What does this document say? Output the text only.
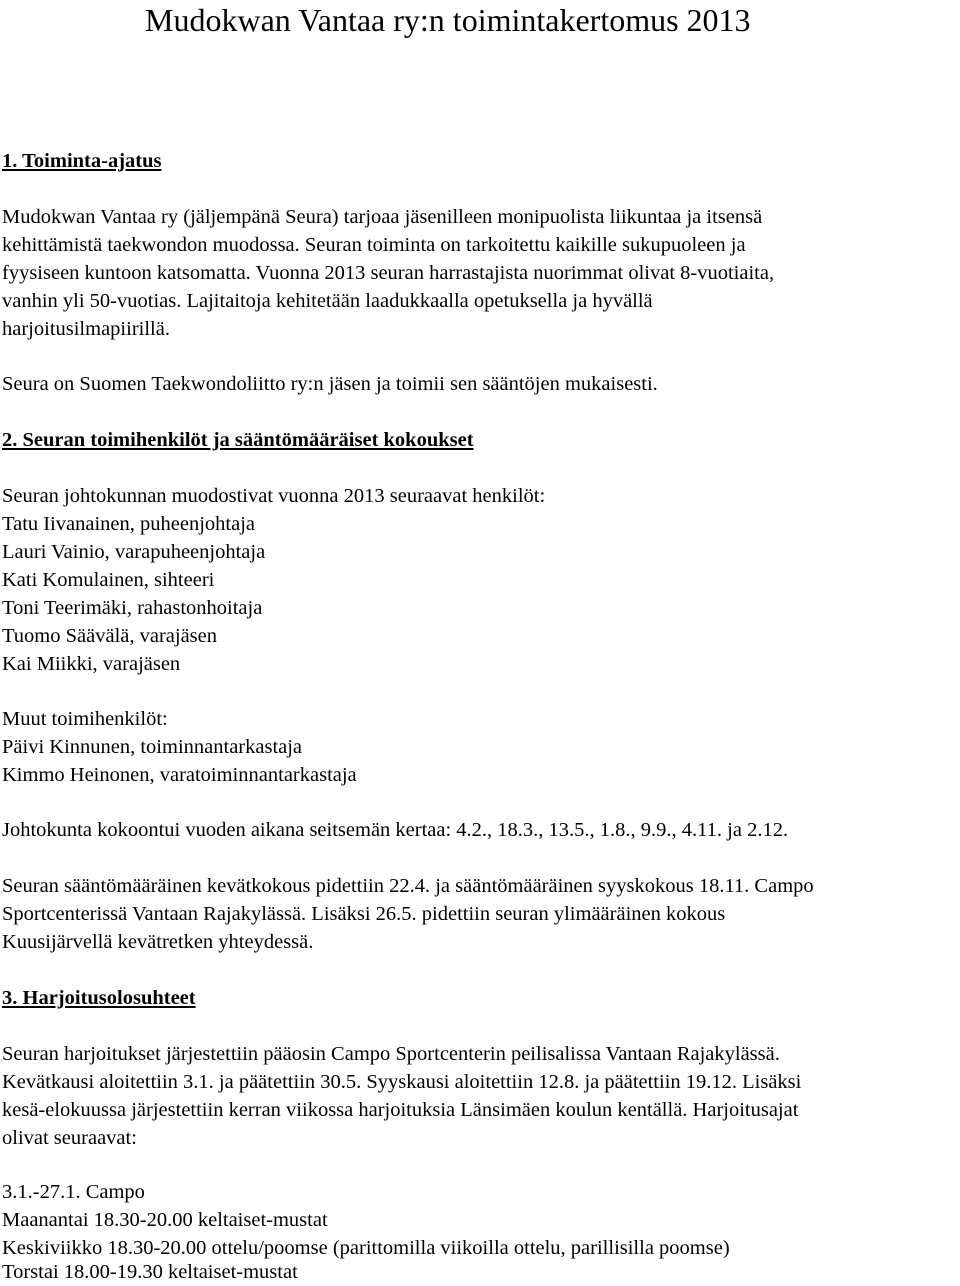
Mudokwan Vantaa ry:n toimintakertomus 2013
1. Toiminta-ajatus

Mudokwan Vantaa ry (jäljempänä Seura) tarjoaa jäsenilleen monipuolista liikuntaa ja itsensä

kehittämistä taekwondon muodossa. Seuran toiminta on tarkoitettu kaikille sukupuoleen ja

fyysiseen kuntoon katsomatta. Vuonna 2013 seuran harrastajista nuorimmat olivat 8-vuotiaita,

vanhin yli 50-vuotias. Lajitaitoja kehitetään laadukkaalla opetuksella ja hyvällä

harjoitusilmapiirillä.

Seura on Suomen Taekwondoliitto ry:n jäsen ja toimii sen sääntöjen mukaisesti.

2. Seuran toimihenkilöt ja sääntömääräiset kokoukset

Seuran johtokunnan muodostivat vuonna 2013 seuraavat henkilöt:

Tatu Iivanainen, puheenjohtaja

Lauri Vainio, varapuheenjohtaja

Kati Komulainen, sihteeri

Toni Teerimäki, rahastonhoitaja

Tuomo Säävälä, varajäsen

Kai Miikki, varajäsen

Muut toimihenkilöt:

Päivi Kinnunen, toiminnantarkastaja

Kimmo Heinonen, varatoiminnantarkastaja

Johtokunta kokoontui vuoden aikana seitsemän kertaa: 4.2., 18.3., 13.5., 1.8., 9.9., 4.11. ja 2.12.

Seuran sääntömääräinen kevätkokous pidettiin 22.4. ja sääntömääräinen syyskokous 18.11. Campo

Sportcenterissä Vantaan Rajakylässä. Lisäksi 26.5. pidettiin seuran ylimääräinen kokous

Kuusijärvellä kevätretken yhteydessä.

3. Harjoitusolosuhteet

Seuran harjoitukset järjestettiin pääosin Campo Sportcenterin peilisalissa Vantaan Rajakylässä.

Kevätkausi aloitettiin 3.1. ja päätettiin 30.5. Syyskausi aloitettiin 12.8. ja päätettiin 19.12. Lisäksi

kesä-elokuussa järjestettiin kerran viikossa harjoituksia Länsimäen koulun kentällä. Harjoitusajat

olivat seuraavat:

3.1.-27.1. Campo

Maanantai 18.30-20.00 keltaiset-mustat

Keskiviikko 18.30-20.00 ottelu/poomse (parittomilla viikoilla ottelu, parillisilla poomse)

Torstai 18.00-19.30 keltaiset-mustat
